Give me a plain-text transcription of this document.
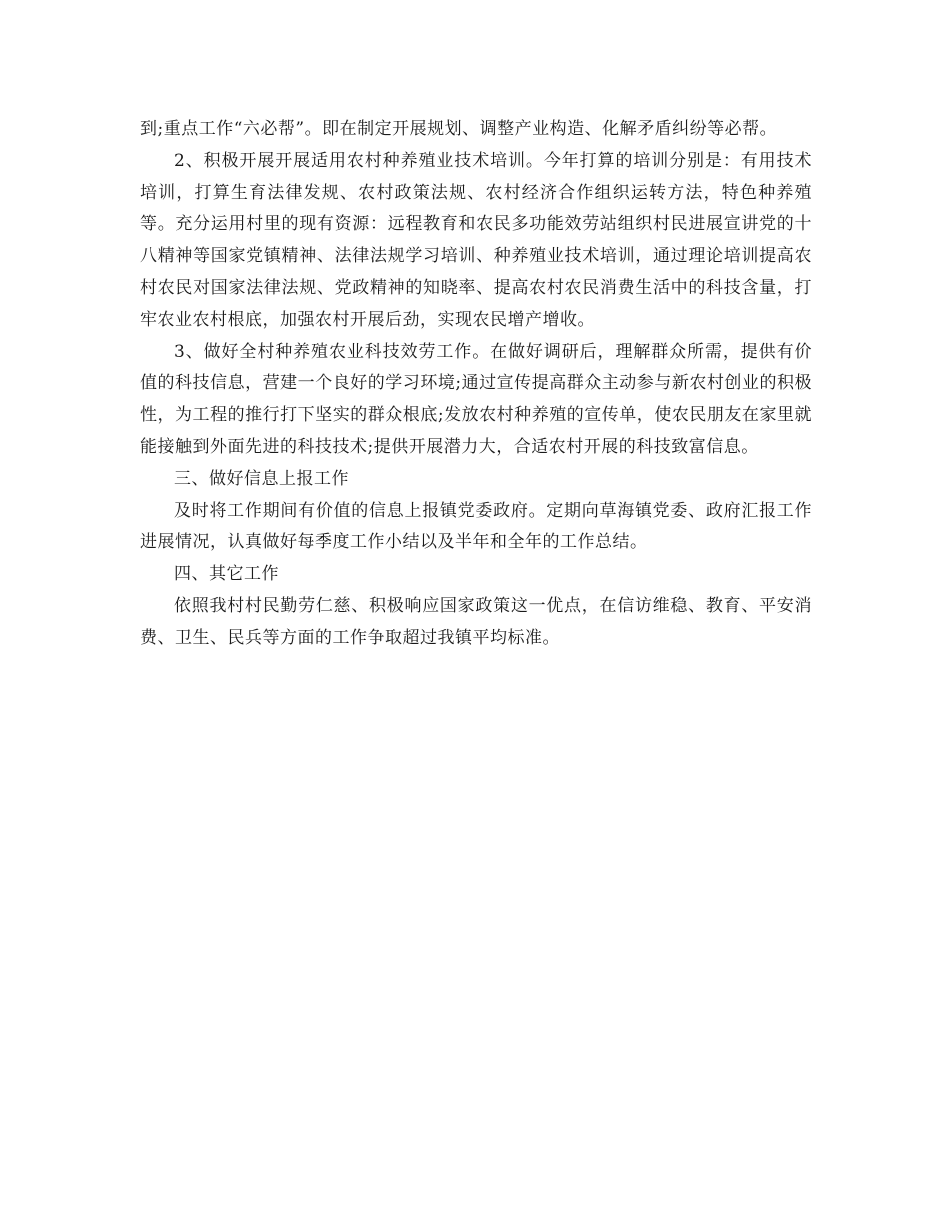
到;重点工作“六必帮”。即在制定开展规划、调整产业构造、化解矛盾纠纷等必帮。

2、积极开展开展适用农村种养殖业技术培训。今年打算的培训分别是：有用技术培训，打算生育法律发规、农村政策法规、农村经济合作组织运转方法，特色种养殖等。充分运用村里的现有资源：远程教育和农民多功能效劳站组织村民进展宣讲党的十八精神等国家党镇精神、法律法规学习培训、种养殖业技术培训，通过理论培训提高农村农民对国家法律法规、党政精神的知晓率、提高农村农民消费生活中的科技含量，打牢农业农村根底，加强农村开展后劲，实现农民增产增收。

3、做好全村种养殖农业科技效劳工作。在做好调研后，理解群众所需，提供有价值的科技信息，营建一个良好的学习环境;通过宣传提高群众主动参与新农村创业的积极性，为工程的推行打下坚实的群众根底;发放农村种养殖的宣传单，使农民朋友在家里就能接触到外面先进的科技技术;提供开展潜力大，合适农村开展的科技致富信息。

三、做好信息上报工作

及时将工作期间有价值的信息上报镇党委政府。定期向草海镇党委、政府汇报工作进展情况，认真做好每季度工作小结以及半年和全年的工作总结。

四、其它工作

依照我村村民勤劳仁慈、积极响应国家政策这一优点，在信访维稳、教育、平安消费、卫生、民兵等方面的工作争取超过我镇平均标准。
